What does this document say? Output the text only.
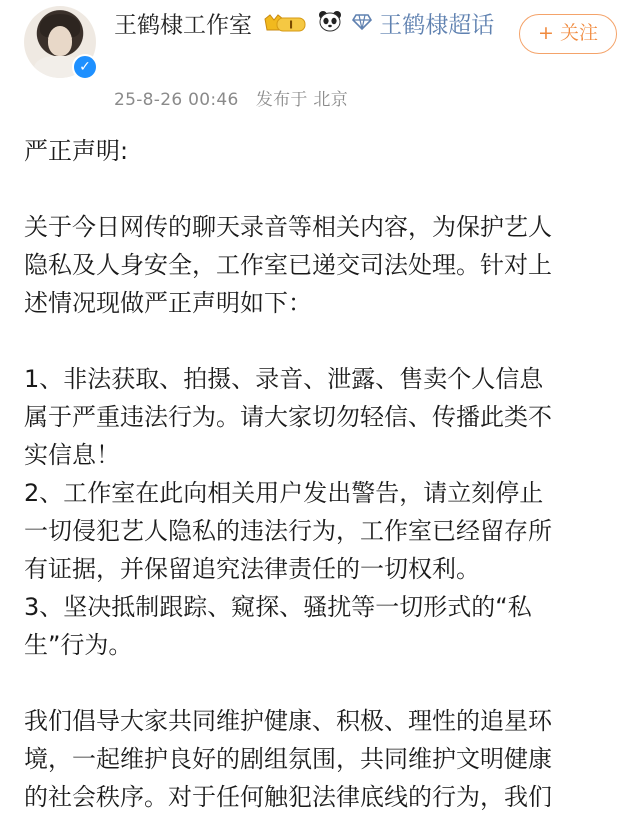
✓
王鹤棣工作室	I	王鹤棣超话
25-8-26 00:46 发布于 北京
+ 关注

严正声明:

关于今日网传的聊天录音等相关内容，为保护艺人

隐私及人身安全，工作室已递交司法处理。针对上

述情况现做严正声明如下：

1、非法获取、拍摄、录音、泄露、售卖个人信息

属于严重违法行为。请大家切勿轻信、传播此类不

实信息！

2、工作室在此向相关用户发出警告，请立刻停止

一切侵犯艺人隐私的违法行为，工作室已经留存所

有证据，并保留追究法律责任的一切权利。

3、坚决抵制跟踪、窥探、骚扰等一切形式的“私

生”行为。

我们倡导大家共同维护健康、积极、理性的追星环

境，一起维护良好的剧组氛围，共同维护文明健康

的社会秩序。对于任何触犯法律底线的行为，我们
